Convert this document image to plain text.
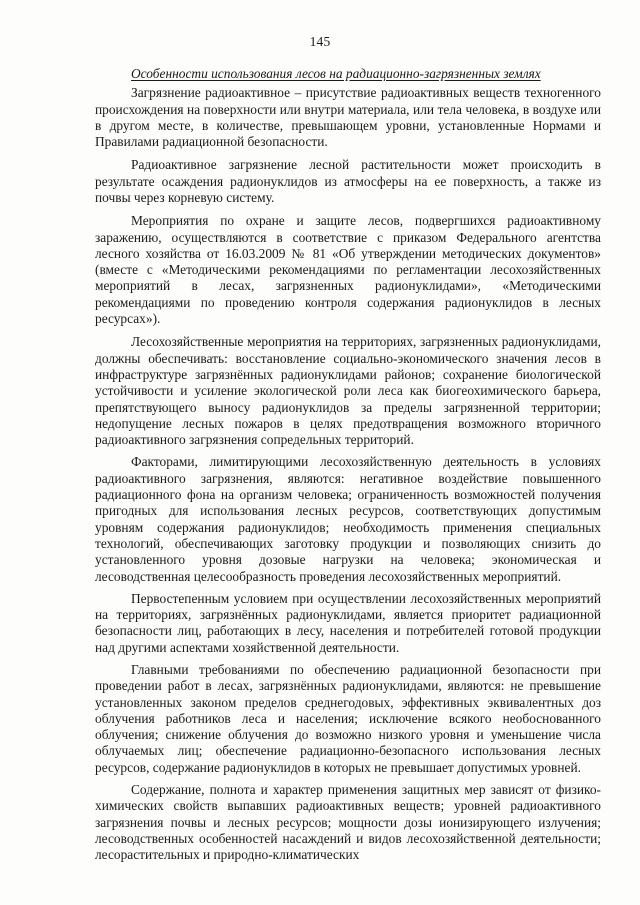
145
Особенности использования лесов на радиационно-загрязненных землях

Загрязнение радиоактивное – присутствие радиоактивных веществ техногенного происхождения на поверхности или внутри материала, или тела человека, в воздухе или в другом месте, в количестве, превышающем уровни, установленные Нормами и Правилами радиационной безопасности.

Радиоактивное загрязнение лесной растительности может происходить в результате осаждения радионуклидов из атмосферы на ее поверхность, а также из почвы через корневую систему.

Мероприятия по охране и защите лесов, подвергшихся радиоактивному заражению, осуществляются в соответствие с приказом Федерального агентства лесного хозяйства от 16.03.2009 № 81 «Об утверждении методических документов» (вместе с «Методическими рекомендациями по регламентации лесохозяйственных мероприятий в лесах, загрязненных радионуклидами», «Методическими рекомендациями по проведению контроля содержания радионуклидов в лесных ресурсах»).

Лесохозяйственные мероприятия на территориях, загрязненных радионуклидами, должны обеспечивать: восстановление социально-экономического значения лесов в инфраструктуре загрязнённых радионуклидами районов; сохранение биологической устойчивости и усиление экологической роли леса как биогеохимического барьера, препятствующего выносу радионуклидов за пределы загрязненной территории; недопущение лесных пожаров в целях предотвращения возможного вторичного радиоактивного загрязнения сопредельных территорий.

Факторами, лимитирующими лесохозяйственную деятельность в условиях радиоактивного загрязнения, являются: негативное воздействие повышенного радиационного фона на организм человека; ограниченность возможностей получения пригодных для использования лесных ресурсов, соответствующих допустимым уровням содержания радионуклидов; необходимость применения специальных технологий, обеспечивающих заготовку продукции и позволяющих снизить до установленного уровня дозовые нагрузки на человека; экономическая и лесоводственная целесообразность проведения лесохозяйственных мероприятий.

Первостепенным условием при осуществлении лесохозяйственных мероприятий на территориях, загрязнённых радионуклидами, является приоритет радиационной безопасности лиц, работающих в лесу, населения и потребителей готовой продукции над другими аспектами хозяйственной деятельности.

Главными требованиями по обеспечению радиационной безопасности при проведении работ в лесах, загрязнённых радионуклидами, являются: не превышение установленных законом пределов среднегодовых, эффективных эквивалентных доз облучения работников леса и населения; исключение всякого необоснованного облучения; снижение облучения до возможно низкого уровня и уменьшение числа облучаемых лиц; обеспечение радиационно-безопасного использования лесных ресурсов, содержание радионуклидов в которых не превышает допустимых уровней.

Содержание, полнота и характер применения защитных мер зависят от физико-химических свойств выпавших радиоактивных веществ; уровней радиоактивного загрязнения почвы и лесных ресурсов; мощности дозы ионизирующего излучения; лесоводственных особенностей насаждений и видов лесохозяйственной деятельности; лесорастительных и природно-климатических
